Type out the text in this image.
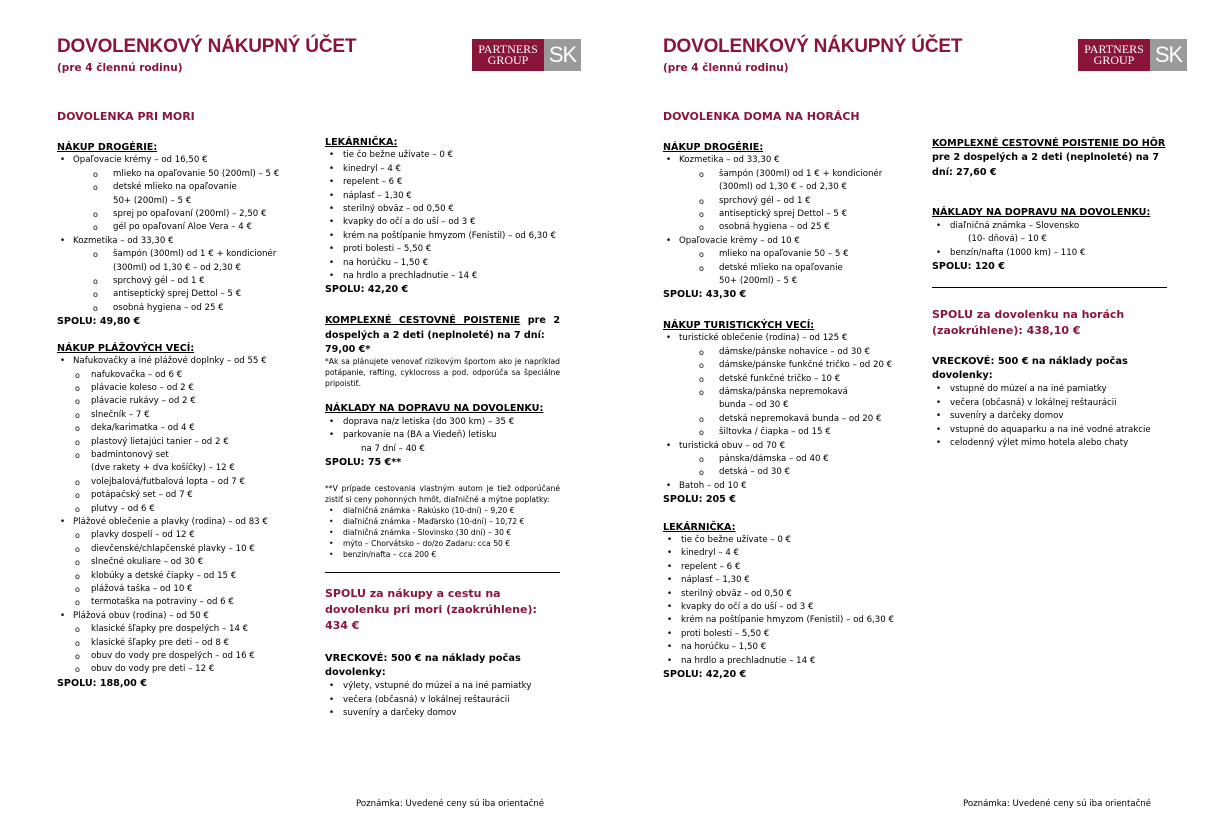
DOVOLENKOVÝ NÁKUPNÝ ÚČET
(pre 4 člennú rodinu)
PARTNERS
GROUP SK
DOVOLENKA PRI MORI
NÁKUP DROGÉRIE:
• Opaľovacie krémy – od 16,50 €
o mlieko na opaľovanie 50 (200ml) – 5 €
o detské mlieko na opaľovanie
50+ (200ml) – 5 €
o sprej po opaľovaní (200ml) – 2,50 €
o gél po opaľovaní Aloe Vera – 4 €
• Kozmetika – od 33,30 €
o šampón (300ml) od 1 € + kondicionér
(300ml) od 1,30 € – od 2,30 €
o sprchový gél – od 1 €
o antiseptický sprej Dettol – 5 €
o osobná hygiena – od 25 €
SPOLU: 49,80 €
NÁKUP PLÁŽOVÝCH VECÍ:
• Nafukovačky a iné plážové doplnky – od 55 €
o nafukovačka – od 6 €
o plávacie koleso – od 2 €
o plávacie rukávy – od 2 €
o slnečník – 7 €
o deka/karimatka – od 4 €
o plastový lietajúci tanier – od 2 €
o badmintonový set
(dve rakety + dva košíčky) – 12 €
o volejbalová/futbalová lopta – od 7 €
o potápačský set – od 7 €
o plutvy – od 6 €
• Plážové oblečenie a plavky (rodina) – od 83 €
o plavky dospelí – od 12 €
o dievčenské/chlapčenské plavky – 10 €
o slnečné okuliare – od 30 €
o klobúky a detské čiapky – od 15 €
o plážová taška – od 10 €
o termotaška na potraviny – od 6 €
• Plážová obuv (rodina) – od 50 €
o klasické šľapky pre dospelých – 14 €
o klasické šľapky pre deti – od 8 €
o obuv do vody pre dospelých – od 16 €
o obuv do vody pre deti – 12 €
SPOLU: 188,00 €
LEKÁRNIČKA:
• tie čo bežne užívate – 0 €
• kinedryl – 4 €
• repelent – 6 €
• náplasť – 1,30 €
• sterilný obväz – od 0,50 €
• kvapky do očí a do uší – od 3 €
• krém na poštípanie hmyzom (Fenistil) – od 6,30 €
• proti bolesti – 5,50 €
• na horúčku – 1,50 €
• na hrdlo a prechladnutie – 14 €
SPOLU: 42,20 €
KOMPLEXNÉ CESTOVNÉ POISTENIE pre 2 dospelých a 2 deti (neplnoleté) na 7 dní:
79,00 €*
*Ak sa plánujete venovať rizikovým športom ako je napríklad potápanie, rafting, cyklocross a pod. odporúča sa špeciálne pripoistiť.
NÁKLADY NA DOPRAVU NA DOVOLENKU:
• doprava na/z letiska (do 300 km) – 35 €
• parkovanie na (BA a Viedeň) letisku
na 7 dní – 40 €
SPOLU: 75 €**
**V prípade cestovania vlastným autom je tiež odporúčané zistiť si ceny pohonných hmôt, diaľničné a mýtne poplatky:
• diaľničná známka - Rakúsko (10-dní) – 9,20 €
• diaľničná známka - Maďarsko (10-dní) – 10,72 €
• diaľničná známka - Slovinsko (30 dní) – 30 €
• mýto – Chorvátsko – do/zo Zadaru: cca 50 €
• benzín/nafta – cca 200 €
SPOLU za nákupy a cestu na dovolenku pri mori (zaokrúhlene): 434 €
VRECKOVÉ: 500 € na náklady počas dovolenky:
• výlety, vstupné do múzeí a na iné pamiatky
• večera (občasná) v lokálnej reštaurácii
• suveníry a darčeky domov
Poznámka: Uvedené ceny sú iba orientačné
DOVOLENKOVÝ NÁKUPNÝ ÚČET
(pre 4 člennú rodinu)
PARTNERS
GROUP SK
DOVOLENKA DOMA NA HORÁCH
NÁKUP DROGÉRIE:
• Kozmetika – od 33,30 €
o šampón (300ml) od 1 € + kondicionér
(300ml) od 1,30 € – od 2,30 €
o sprchový gél – od 1 €
o antiseptický sprej Dettol – 5 €
o osobná hygiena – od 25 €
• Opaľovacie krémy – od 10 €
o mlieko na opaľovanie 50 – 5 €
o detské mlieko na opaľovanie
50+ (200ml) – 5 €
SPOLU: 43,30 €
NÁKUP TURISTICKÝCH VECÍ:
• turistické oblečenie (rodina) – od 125 €
o dámske/pánske nohavice – od 30 €
o dámske/pánske funkčné tričko – od 20 €
o detské funkčné tričko – 10 €
o dámska/pánska nepremokavá
bunda – od 30 €
o detská nepremokavá bunda – od 20 €
o šiltovka / čiapka – od 15 €
• turistická obuv – od 70 €
o pánska/dámska – od 40 €
o detská – od 30 €
• Batoh – od 10 €
SPOLU: 205 €
LEKÁRNIČKA:
• tie čo bežne užívate – 0 €
• kinedryl – 4 €
• repelent – 6 €
• náplasť – 1,30 €
• sterilný obväz – od 0,50 €
• kvapky do očí a do uší – od 3 €
• krém na poštípanie hmyzom (Fenistil) – od 6,30 €
• proti bolesti – 5,50 €
• na horúčku – 1,50 €
• na hrdlo a prechladnutie – 14 €
SPOLU: 42,20 €
KOMPLEXNÉ CESTOVNÉ POISTENIE DO HÔR
pre 2 dospelých a 2 deti (neplnoleté) na 7 dní: 27,60 €
NÁKLADY NA DOPRAVU NA DOVOLENKU:
• diaľničná známka – Slovensko
(10- dňová) – 10 €
• benzín/nafta (1000 km) – 110 €
SPOLU: 120 €
SPOLU za dovolenku na horách (zaokrúhlene): 438,10 €
VRECKOVÉ: 500 € na náklady počas dovolenky:
• vstupné do múzeí a na iné pamiatky
• večera (občasná) v lokálnej reštaurácii
• suveníry a darčeky domov
• vstupné do aquaparku a na iné vodné atrakcie
• celodenný výlet mimo hotela alebo chaty
Poznámka: Uvedené ceny sú iba orientačné
